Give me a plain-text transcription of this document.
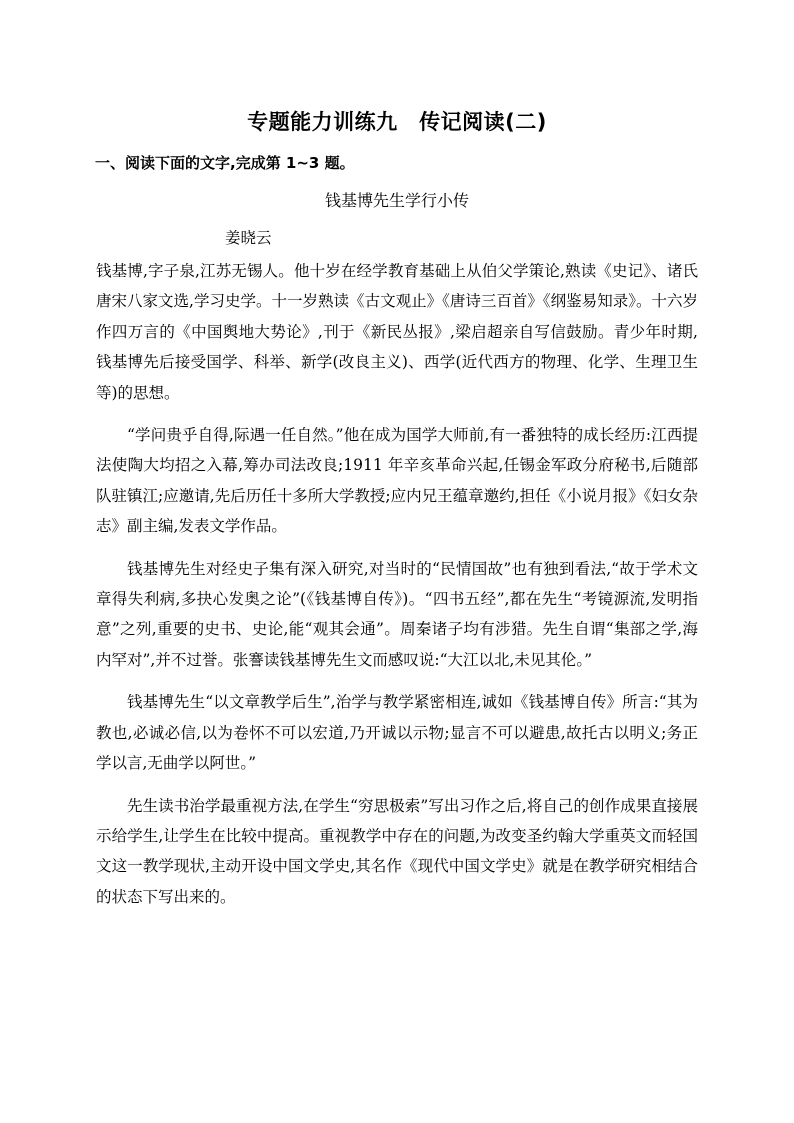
专题能力训练九　传记阅读(二)
一、阅读下面的文字,完成第 1~3 题。
钱基博先生学行小传
姜晓云

钱基博,字子泉,江苏无锡人。他十岁在经学教育基础上从伯父学策论,熟读《史记》、诸氏唐宋八家文选,学习史学。十一岁熟读《古文观止》《唐诗三百首》《纲鉴易知录》。十六岁作四万言的《中国舆地大势论》,刊于《新民丛报》,梁启超亲自写信鼓励。青少年时期,钱基博先后接受国学、科举、新学(改良主义)、西学(近代西方的物理、化学、生理卫生等)的思想。

“学问贵乎自得,际遇一任自然。”他在成为国学大师前,有一番独特的成长经历:江西提法使陶大均招之入幕,筹办司法改良;1911 年辛亥革命兴起,任锡金军政分府秘书,后随部队驻镇江;应邀请,先后历任十多所大学教授;应内兄王蕴章邀约,担任《小说月报》《妇女杂志》副主编,发表文学作品。

钱基博先生对经史子集有深入研究,对当时的“民情国故”也有独到看法,“故于学术文章得失利病,多抉心发奥之论”(《钱基博自传》)。“四书五经”,都在先生“考镜源流,发明指意”之列,重要的史书、史论,能“观其会通”。周秦诸子均有涉猎。先生自谓“集部之学,海内罕对”,并不过誉。张謇读钱基博先生文而感叹说:“大江以北,未见其伦。”

钱基博先生“以文章教学后生”,治学与教学紧密相连,诚如《钱基博自传》所言:“其为教也,必诚必信,以为卷怀不可以宏道,乃开诚以示物;显言不可以避患,故托古以明义;务正学以言,无曲学以阿世。”

先生读书治学最重视方法,在学生“穷思极索”写出习作之后,将自己的创作成果直接展示给学生,让学生在比较中提高。重视教学中存在的问题,为改变圣约翰大学重英文而轻国文这一教学现状,主动开设中国文学史,其名作《现代中国文学史》就是在教学研究相结合的状态下写出来的。
